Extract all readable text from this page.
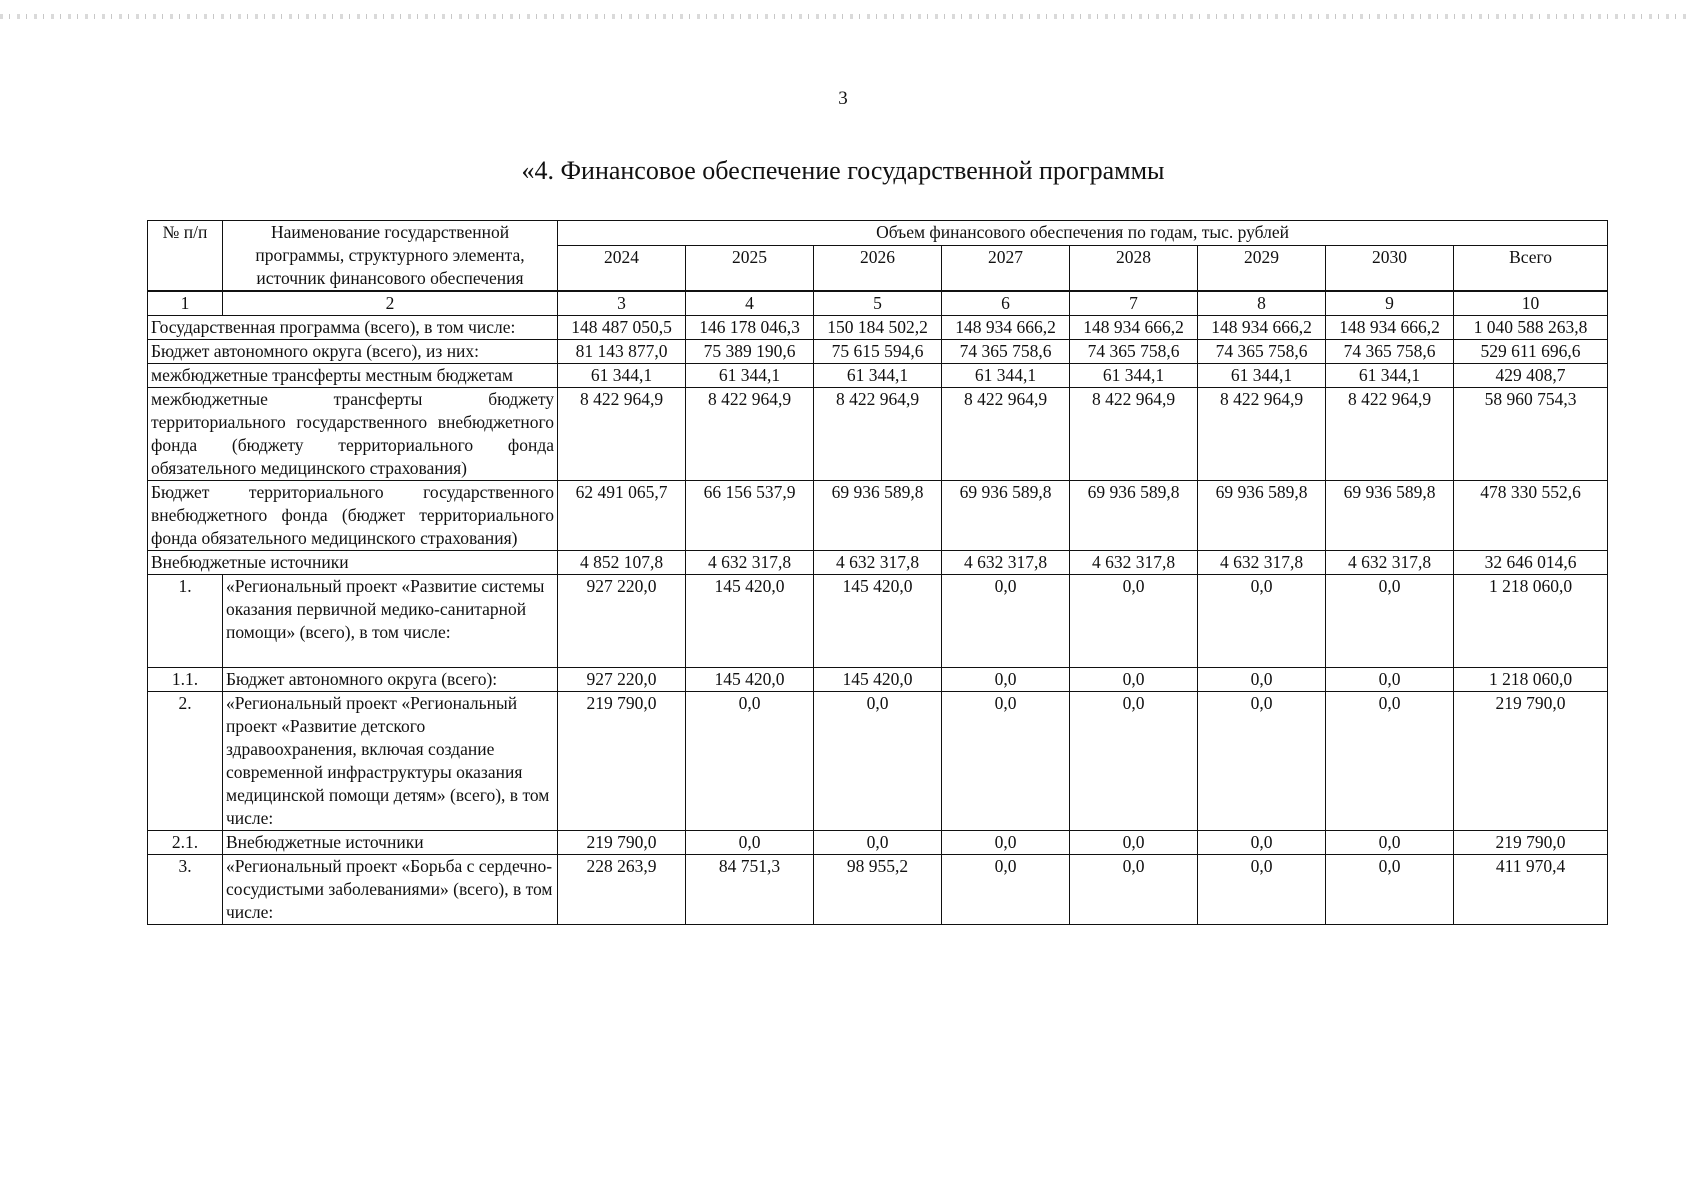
3
«4. Финансовое обеспечение государственной программы
№ п/п	Наименование государственной программы, структурного элемента, источник финансового обеспечения	Объем финансового обеспечения по годам, тыс. рублей							
		2024	2025	2026	2027	2028	2029	2030	Всего
1	2	3	4	5	6	7	8	9	10
Государственная программа (всего), в том числе:		148 487 050,5	146 178 046,3	150 184 502,2	148 934 666,2	148 934 666,2	148 934 666,2	148 934 666,2	1 040 588 263,8
Бюджет автономного округа (всего), из них:		81 143 877,0	75 389 190,6	75 615 594,6	74 365 758,6	74 365 758,6	74 365 758,6	74 365 758,6	529 611 696,6
межбюджетные трансферты местным бюджетам		61 344,1	61 344,1	61 344,1	61 344,1	61 344,1	61 344,1	61 344,1	429 408,7
межбюджетные трансферты бюджету территориального государственного внебюджетного фонда (бюджету территориального фонда обязательного медицинского страхования)		8 422 964,9	8 422 964,9	8 422 964,9	8 422 964,9	8 422 964,9	8 422 964,9	8 422 964,9	58 960 754,3
Бюджет территориального государственного внебюджетного фонда (бюджет территориального фонда обязательного медицинского страхования)		62 491 065,7	66 156 537,9	69 936 589,8	69 936 589,8	69 936 589,8	69 936 589,8	69 936 589,8	478 330 552,6
Внебюджетные источники		4 852 107,8	4 632 317,8	4 632 317,8	4 632 317,8	4 632 317,8	4 632 317,8	4 632 317,8	32 646 014,6
1.	«Региональный проект «Развитие системы оказания первичной медико-санитарной помощи» (всего), в том числе:	927 220,0	145 420,0	145 420,0	0,0	0,0	0,0	0,0	1 218 060,0
1.1.	Бюджет автономного округа (всего):	927 220,0	145 420,0	145 420,0	0,0	0,0	0,0	0,0	1 218 060,0
2.	«Региональный проект «Региональный проект «Развитие детского здравоохранения, включая создание современной инфраструктуры оказания медицинской помощи детям» (всего), в том числе:	219 790,0	0,0	0,0	0,0	0,0	0,0	0,0	219 790,0
2.1.	Внебюджетные источники	219 790,0	0,0	0,0	0,0	0,0	0,0	0,0	219 790,0
3.	«Региональный проект «Борьба с сердечно-сосудистыми заболеваниями» (всего), в том числе:	228 263,9	84 751,3	98 955,2	0,0	0,0	0,0	0,0	411 970,4
